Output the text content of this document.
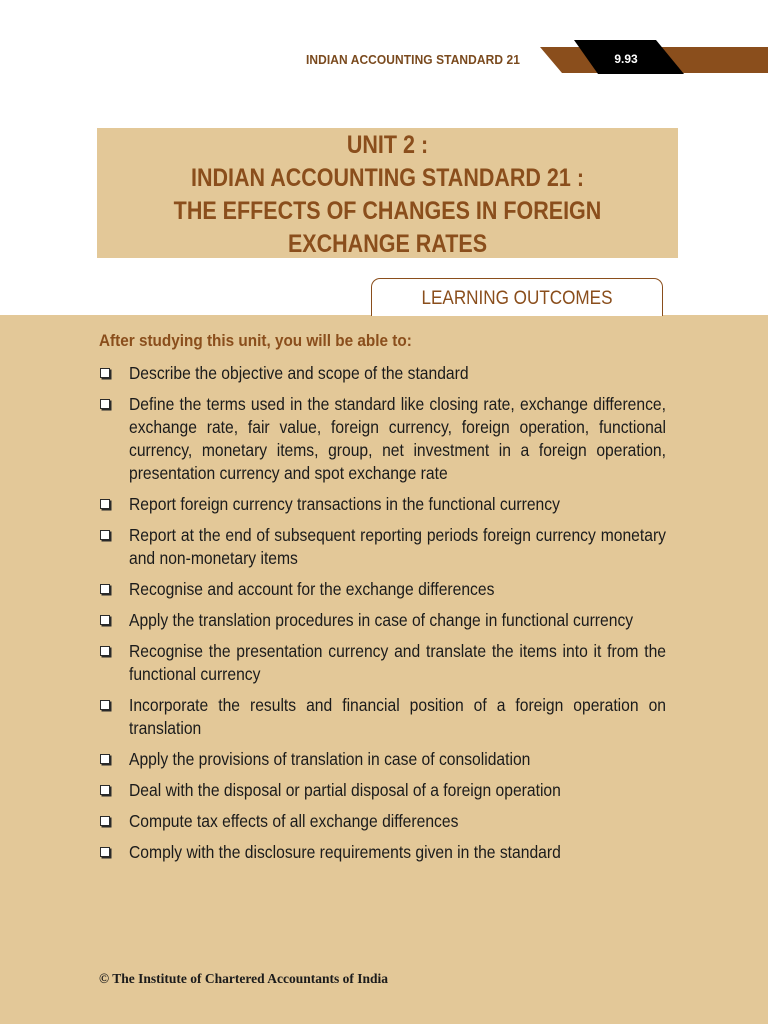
INDIAN ACCOUNTING STANDARD 21	9.93
UNIT 2 :
INDIAN ACCOUNTING STANDARD 21 :
THE EFFECTS OF CHANGES IN FOREIGN
EXCHANGE RATES
LEARNING OUTCOMES
After studying this unit, you will be able to:
Describe the objective and scope of the standard
Define the terms used in the standard like closing rate, exchange difference, exchange rate, fair value, foreign currency, foreign operation, functional currency, monetary items, group, net investment in a foreign operation, presentation currency and spot exchange rate
Report foreign currency transactions in the functional currency
Report at the end of subsequent reporting periods foreign currency monetary and non-monetary items
Recognise and account for the exchange differences
Apply the translation procedures in case of change in functional currency
Recognise the presentation currency and translate the items into it from the functional currency
Incorporate the results and financial position of a foreign operation on translation
Apply the provisions of translation in case of consolidation
Deal with the disposal or partial disposal of a foreign operation
Compute tax effects of all exchange differences
Comply with the disclosure requirements given in the standard
© The Institute of Chartered Accountants of India
